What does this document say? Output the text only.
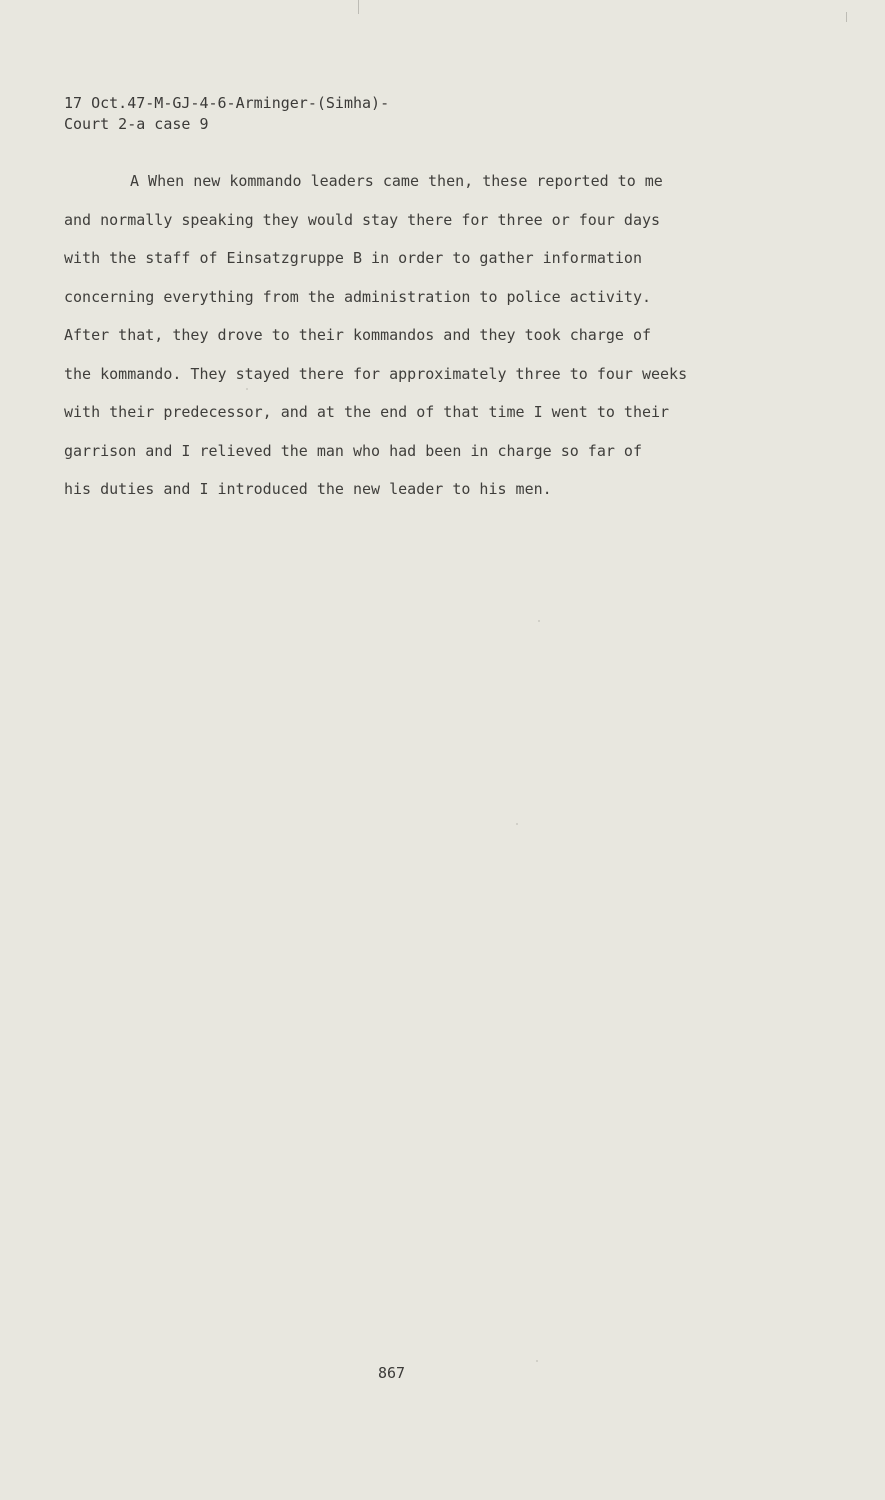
17 Oct.47-M-GJ-4-6-Arminger-(Simha)-
Court 2-a case 9
A When new kommando leaders came then, these reported to me
and normally speaking they would stay there for three or four days
with the staff of Einsatzgruppe B in order to gather information
concerning everything from the administration to police activity.
After that, they drove to their kommandos and they took charge of
the kommando. They stayed there for approximately three to four weeks
with their predecessor, and at the end of that time I went to their
garrison and I relieved the man who had been in charge so far of
his duties and I introduced the new leader to his men.
867
